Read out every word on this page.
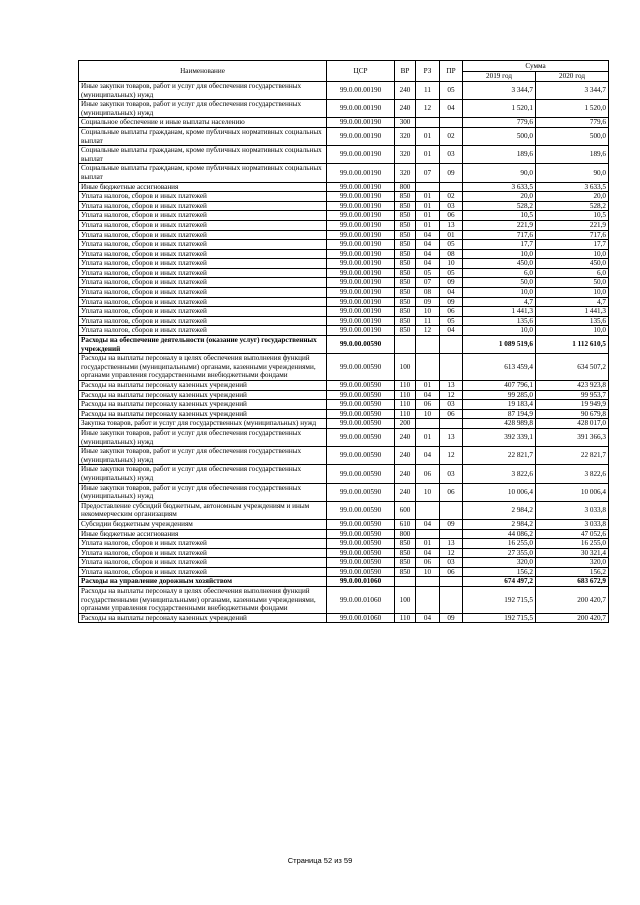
Наименование	ЦСР	ВР	РЗ	ПР	Сумма	
					2019 год	2020 год
Иные закупки товаров, работ и услуг для обеспечения государственных (муниципальных) нужд	99.0.00.00190	240	11	05	3 344,7	3 344,7
Иные закупки товаров, работ и услуг для обеспечения государственных (муниципальных) нужд	99.0.00.00190	240	12	04	1 520,1	1 520,0
Социальное обеспечение и иные выплаты населению	99.0.00.00190	300			779,6	779,6
Социальные выплаты гражданам, кроме публичных нормативных социальных выплат	99.0.00.00190	320	01	02	500,0	500,0
Социальные выплаты гражданам, кроме публичных нормативных социальных выплат	99.0.00.00190	320	01	03	189,6	189,6
Социальные выплаты гражданам, кроме публичных нормативных социальных выплат	99.0.00.00190	320	07	09	90,0	90,0
Иные бюджетные ассигнования	99.0.00.00190	800			3 633,5	3 633,5
Уплата налогов, сборов и иных платежей	99.0.00.00190	850	01	02	20,0	20,0
Уплата налогов, сборов и иных платежей	99.0.00.00190	850	01	03	528,2	528,2
Уплата налогов, сборов и иных платежей	99.0.00.00190	850	01	06	10,5	10,5
Уплата налогов, сборов и иных платежей	99.0.00.00190	850	01	13	221,9	221,9
Уплата налогов, сборов и иных платежей	99.0.00.00190	850	04	01	717,6	717,6
Уплата налогов, сборов и иных платежей	99.0.00.00190	850	04	05	17,7	17,7
Уплата налогов, сборов и иных платежей	99.0.00.00190	850	04	08	10,0	10,0
Уплата налогов, сборов и иных платежей	99.0.00.00190	850	04	10	450,0	450,0
Уплата налогов, сборов и иных платежей	99.0.00.00190	850	05	05	6,0	6,0
Уплата налогов, сборов и иных платежей	99.0.00.00190	850	07	09	50,0	50,0
Уплата налогов, сборов и иных платежей	99.0.00.00190	850	08	04	10,0	10,0
Уплата налогов, сборов и иных платежей	99.0.00.00190	850	09	09	4,7	4,7
Уплата налогов, сборов и иных платежей	99.0.00.00190	850	10	06	1 441,3	1 441,3
Уплата налогов, сборов и иных платежей	99.0.00.00190	850	11	05	135,6	135,6
Уплата налогов, сборов и иных платежей	99.0.00.00190	850	12	04	10,0	10,0
Расходы на обеспечение деятельности (оказание услуг) государственных учреждений	99.0.00.00590				1 089 519,6	1 112 610,5
Расходы на выплаты персоналу в целях обеспечения выполнения функций государственными (муниципальными) органами, казенными учреждениями, органами управления государственными внебюджетными фондами	99.0.00.00590	100			613 459,4	634 507,2
Расходы на выплаты персоналу казенных учреждений	99.0.00.00590	110	01	13	407 796,1	423 923,8
Расходы на выплаты персоналу казенных учреждений	99.0.00.00590	110	04	12	99 285,0	99 953,7
Расходы на выплаты персоналу казенных учреждений	99.0.00.00590	110	06	03	19 183,4	19 949,9
Расходы на выплаты персоналу казенных учреждений	99.0.00.00590	110	10	06	87 194,9	90 679,8
Закупка товаров, работ и услуг для государственных (муниципальных) нужд	99.0.00.00590	200			428 989,8	428 017,0
Иные закупки товаров, работ и услуг для обеспечения государственных (муниципальных) нужд	99.0.00.00590	240	01	13	392 339,1	391 366,3
Иные закупки товаров, работ и услуг для обеспечения государственных (муниципальных) нужд	99.0.00.00590	240	04	12	22 821,7	22 821,7
Иные закупки товаров, работ и услуг для обеспечения государственных (муниципальных) нужд	99.0.00.00590	240	06	03	3 822,6	3 822,6
Иные закупки товаров, работ и услуг для обеспечения государственных (муниципальных) нужд	99.0.00.00590	240	10	06	10 006,4	10 006,4
Предоставление субсидий бюджетным, автономным учреждениям и иным некоммерческим организациям	99.0.00.00590	600			2 984,2	3 033,8
Субсидии бюджетным учреждениям	99.0.00.00590	610	04	09	2 984,2	3 033,8
Иные бюджетные ассигнования	99.0.00.00590	800			44 086,2	47 052,6
Уплата налогов, сборов и иных платежей	99.0.00.00590	850	01	13	16 255,0	16 255,0
Уплата налогов, сборов и иных платежей	99.0.00.00590	850	04	12	27 355,0	30 321,4
Уплата налогов, сборов и иных платежей	99.0.00.00590	850	06	03	320,0	320,0
Уплата налогов, сборов и иных платежей	99.0.00.00590	850	10	06	156,2	156,2
Расходы на управление дорожным хозяйством	99.0.00.01060				674 497,2	683 672,9
Расходы на выплаты персоналу в целях обеспечения выполнения функций государственными (муниципальными) органами, казенными учреждениями, органами управления государственными внебюджетными фондами	99.0.00.01060	100			192 715,5	200 420,7
Расходы на выплаты персоналу казенных учреждений	99.0.00.01060	110	04	09	192 715,5	200 420,7
Страница 52 из 59
